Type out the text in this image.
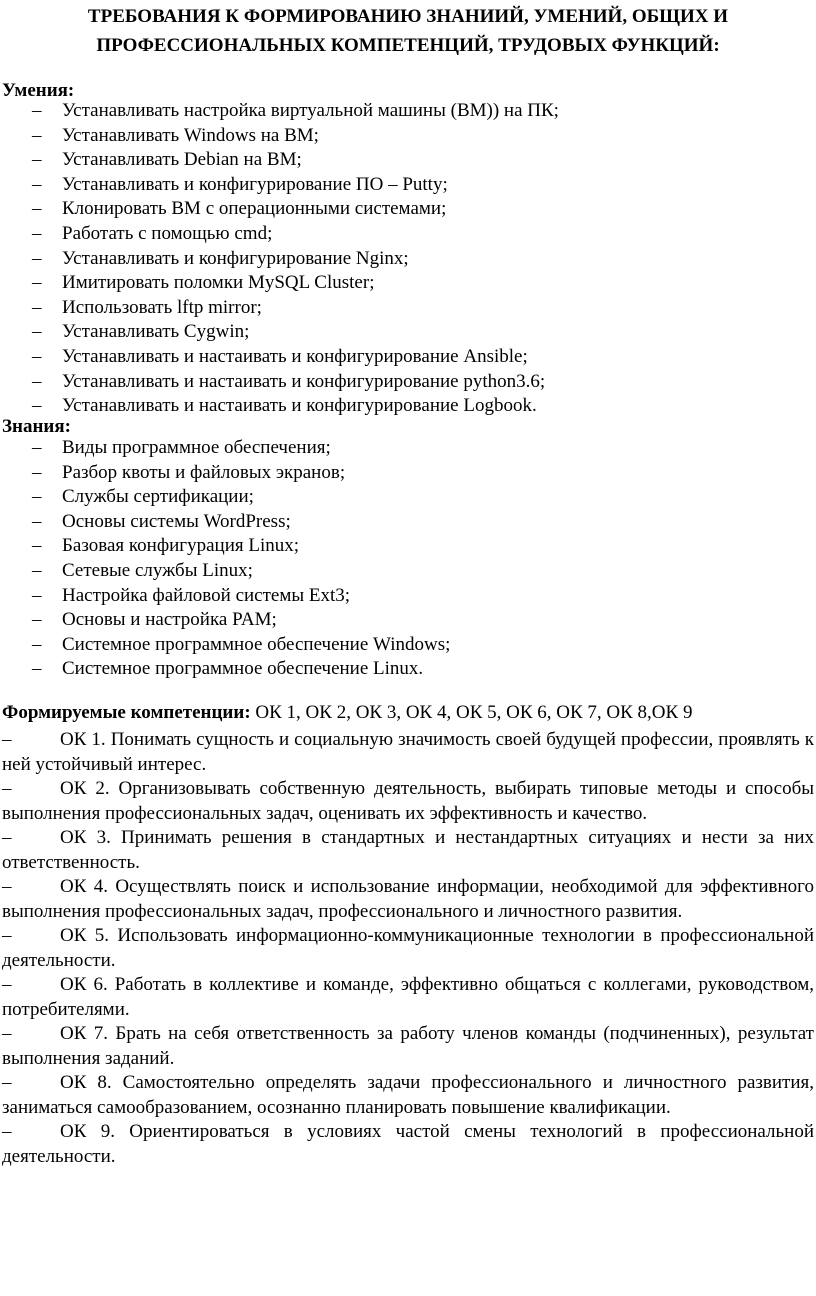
ТРЕБОВАНИЯ К ФОРМИРОВАНИЮ ЗНАНИИЙ, УМЕНИЙ, ОБЩИХ И
ПРОФЕССИОНАЛЬНЫХ КОМПЕТЕНЦИЙ, ТРУДОВЫХ ФУНКЦИЙ:
Умения:
– Устанавливать настройка виртуальной машины (ВМ)) на ПК;
– Устанавливать Windows на ВМ;
– Устанавливать Debian на ВМ;
– Устанавливать и конфигурирование ПО – Putty;
– Клонировать ВМ с операционными системами;
– Работать с помощью cmd;
– Устанавливать и конфигурирование Nginx;
– Имитировать поломки MySQL Cluster;
– Использовать lftp mirror;
– Устанавливать Cygwin;
– Устанавливать и настаивать и конфигурирование Ansible;
– Устанавливать и настаивать и конфигурирование python3.6;
– Устанавливать и настаивать и конфигурирование Logbook.
Знания:
– Виды программное обеспечения;
– Разбор квоты и файловых экранов;
– Службы сертификации;
– Основы системы WordPress;
– Базовая конфигурация Linux;
– Сетевые службы Linux;
– Настройка файловой системы Ext3;
– Основы и настройка PAM;
– Системное программное обеспечение Windows;
– Системное программное обеспечение Linux.
Формируемые компетенции: ОК 1, ОК 2, ОК 3, ОК 4, ОК 5, ОК 6, ОК 7, ОК 8,ОК 9
–	ОК 1. Понимать сущность и социальную значимость своей будущей профессии, проявлять к ней устойчивый интерес.
–	ОК 2. Организовывать собственную деятельность, выбирать типовые методы и способы выполнения профессиональных задач, оценивать их эффективность и качество.
–	ОК 3. Принимать решения в стандартных и нестандартных ситуациях и нести за них ответственность.
–	ОК 4. Осуществлять поиск и использование информации, необходимой для эффективного выполнения профессиональных задач, профессионального и личностного развития.
–	ОК 5. Использовать информационно-коммуникационные технологии в профессиональной деятельности.
–	ОК 6. Работать в коллективе и команде, эффективно общаться с коллегами, руководством, потребителями.
–	ОК 7. Брать на себя ответственность за работу членов команды (подчиненных), результат выполнения заданий.
–	ОК 8. Самостоятельно определять задачи профессионального и личностного развития, заниматься самообразованием, осознанно планировать повышение квалификации.
–	ОК 9. Ориентироваться в условиях частой смены технологий в профессиональной деятельности.
